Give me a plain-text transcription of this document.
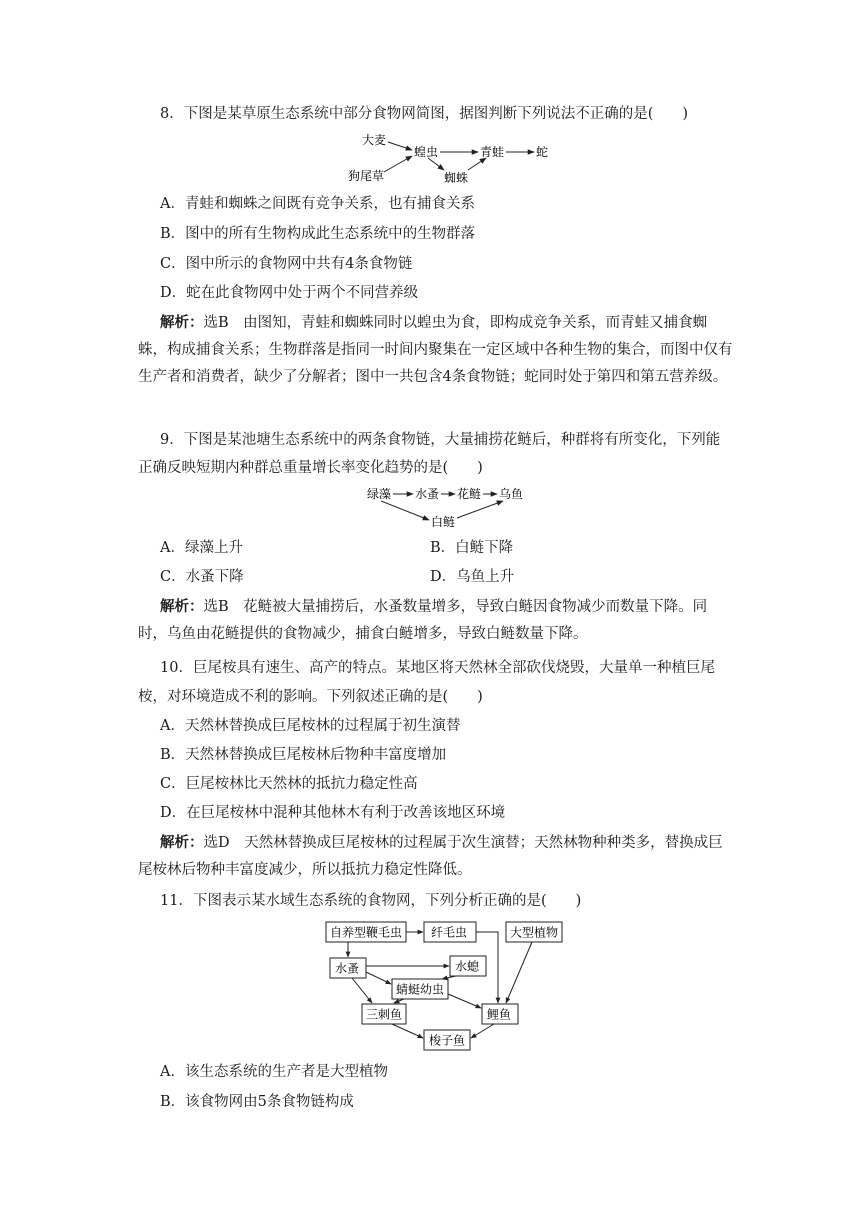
8．下图是某草原生态系统中部分食物网简图，据图判断下列说法不正确的是(　　)
大麦
狗尾草
蝗虫	青蛙	蛇
蜘蛛
A．青蛙和蜘蛛之间既有竞争关系，也有捕食关系
B．图中的所有生物构成此生态系统中的生物群落
C．图中所示的食物网中共有4条食物链
D．蛇在此食物网中处于两个不同营养级
解析：选B　由图知，青蛙和蜘蛛同时以蝗虫为食，即构成竞争关系，而青蛙又捕食蜘蛛，构成捕食关系；生物群落是指同一时间内聚集在一定区域中各种生物的集合，而图中仅有生产者和消费者，缺少了分解者；图中一共包含4条食物链；蛇同时处于第四和第五营养级。
9．下图是某池塘生态系统中的两条食物链，大量捕捞花鲢后，种群将有所变化，下列能
正确反映短期内种群总重量增长率变化趋势的是(　　)
绿藻 水蚤 花鲢 乌鱼
白鲢
A．绿藻上升	B．白鲢下降
C．水蚤下降	D．乌鱼上升
解析：选B　花鲢被大量捕捞后，水蚤数量增多，导致白鲢因食物减少而数量下降。同时，乌鱼由花鲢提供的食物减少，捕食白鲢增多，导致白鲢数量下降。
10．巨尾桉具有速生、高产的特点。某地区将天然林全部砍伐烧毁，大量单一种植巨尾
桉，对环境造成不利的影响。下列叙述正确的是(　　)
A．天然林替换成巨尾桉林的过程属于初生演替
B．天然林替换成巨尾桉林后物种丰富度增加
C．巨尾桉林比天然林的抵抗力稳定性高
D．在巨尾桉林中混种其他林木有利于改善该地区环境
解析：选D　天然林替换成巨尾桉林的过程属于次生演替；天然林物种种类多，替换成巨尾桉林后物种丰富度减少，所以抵抗力稳定性降低。
11．下图表示某水域生态系统的食物网，下列分析正确的是(　　)
自养型鞭毛虫 纤毛虫	大型植物
水蚤	水螅
蜻蜓幼虫
三刺鱼	鲤鱼
梭子鱼
A．该生态系统的生产者是大型植物
B．该食物网由5条食物链构成
